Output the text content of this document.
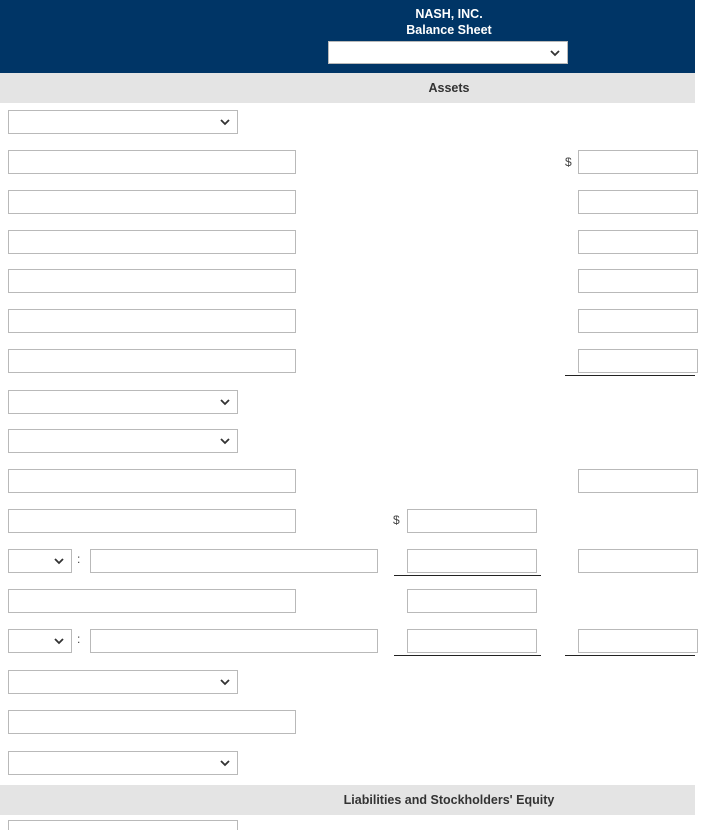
NASH, INC.
Balance Sheet
Assets
$
$
:
:
Liabilities and Stockholders' Equity
